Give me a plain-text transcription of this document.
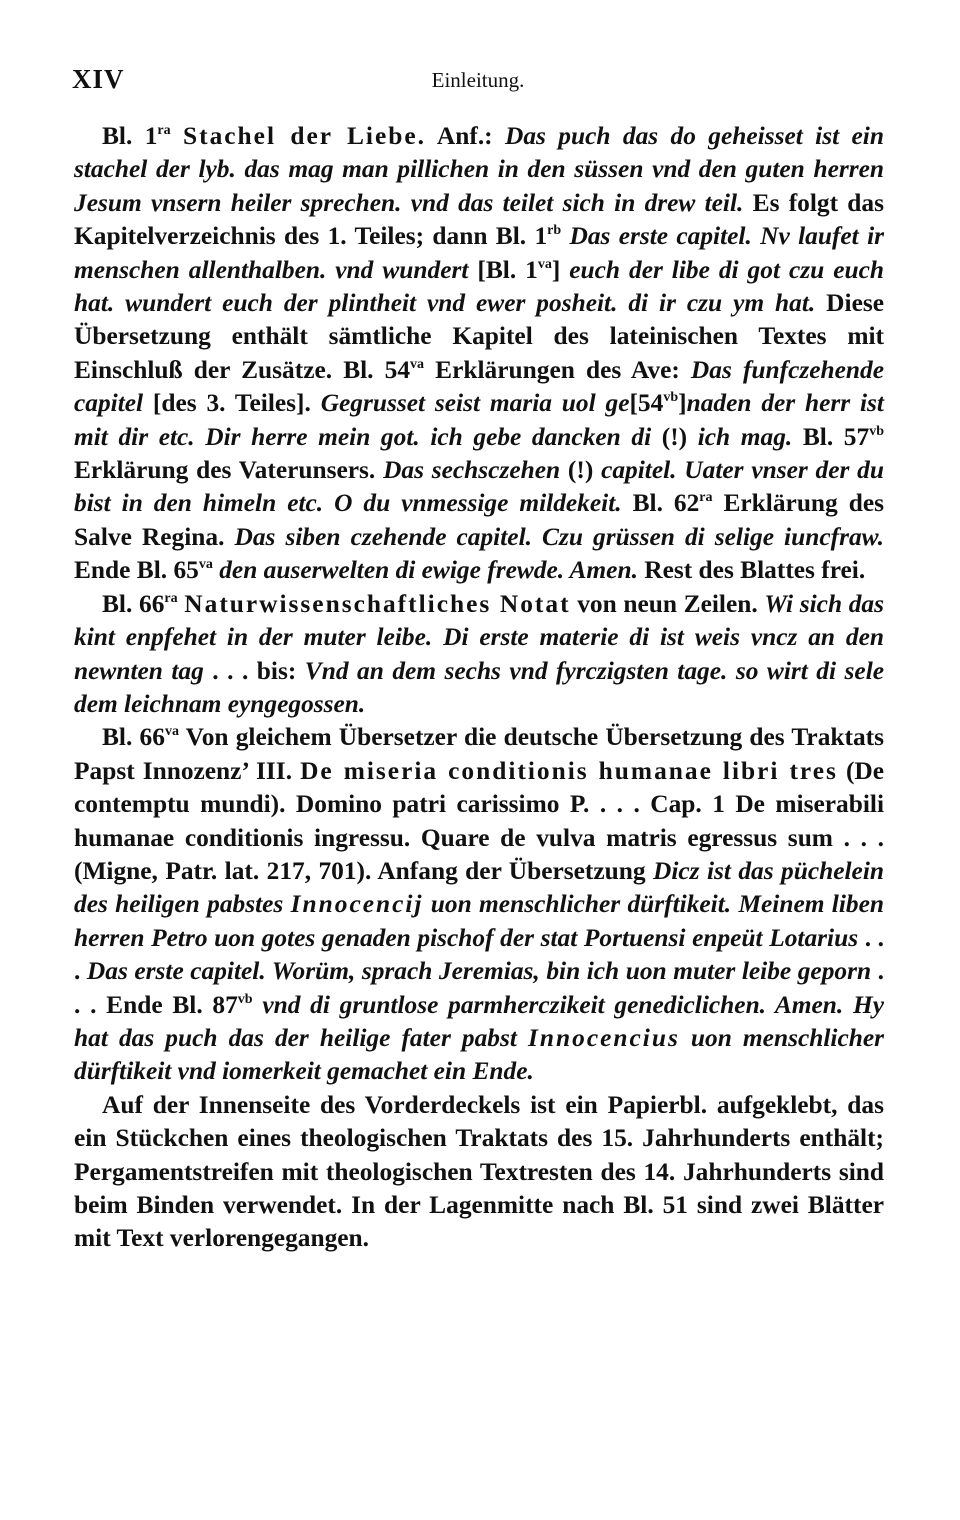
XIV	Einleitung.

Bl. $1^{ra}$ Stachel der Liebe. Anf.: Das puch das do geheisset ist ein stachel der lyb. das mag man pillichen in den süssen vnd den guten herren Jesum vnsern heiler sprechen. vnd das teilet sich in drew teil. Es folgt das Kapitelverzeichnis des 1. Teiles; dann Bl. $1^{rb}$ Das erste capitel. Nv laufet ir menschen allenthalben. vnd wundert [Bl. $1^{va}$] euch der libe di got czu euch hat. wundert euch der plintheit vnd ewer posheit. di ir czu ym hat. Diese Übersetzung enthält sämtliche Kapitel des lateinischen Textes mit Einschluß der Zusätze. Bl. $54^{va}$ Erklärungen des Ave: Das funfczehende capitel [des 3. Teiles]. Gegrusset seist maria uol $ge[54^{vb}]naden$ der herr ist mit dir etc. Dir herre mein got. ich gebe dancken di (!) ich mag. Bl. $57^{vb}$ Erklärung des Vaterunsers. Das sechsczehen (!) capitel. Uater vnser der du bist in den himeln etc. O du vnmessige mildekeit. Bl. $62^{ra}$ Erklärung des Salve Regina. Das siben czehende capitel. Czu grüssen di selige iuncfraw. Ende Bl. $65^{va}$ den auserwelten di ewige frewde. Amen. Rest des Blattes frei.

Bl. $66^{ra}$ Naturwissenschaftliches Notat von neun Zeilen. Wi sich das kint enpfehet in der muter leibe. Di erste materie di ist weis vncz an den newnten tag . . . bis: Vnd an dem sechs vnd fyrczigsten tage. so wirt di sele dem leichnam eyngegossen.

Bl. $66^{va}$ Von gleichem Übersetzer die deutsche Übersetzung des Traktats Papst Innozenz’ III. De miseria conditionis humanae libri tres (De contemptu mundi). Domino patri carissimo P. . . . Cap. 1 De miserabili humanae conditionis ingressu. Quare de vulva matris egressus sum . . . (Migne, Patr. lat. 217, 701). Anfang der Übersetzung Dicz ist das püchelein des heiligen pabstes Innocencij uon menschlicher dürftikeit. Meinem liben herren Petro uon gotes genaden pischof der stat Portuensi enpeüt Lotarius . . . Das erste capitel. Worüm, sprach Jeremias, bin ich uon muter leibe geporn . . . Ende Bl. $87^{vb}$ vnd di gruntlose parmherczikeit genediclichen. Amen. Hy hat das puch das der heilige fater pabst Innocencius uon menschlicher dürftikeit vnd iomerkeit gemachet ein Ende.

Auf der Innenseite des Vorderdeckels ist ein Papierbl. aufgeklebt, das ein Stückchen eines theologischen Traktats des 15. Jahrhunderts enthält; Pergamentstreifen mit theologischen Textresten des 14. Jahrhunderts sind beim Binden verwendet. In der Lagenmitte nach Bl. 51 sind zwei Blätter mit Text verlorengegangen.
